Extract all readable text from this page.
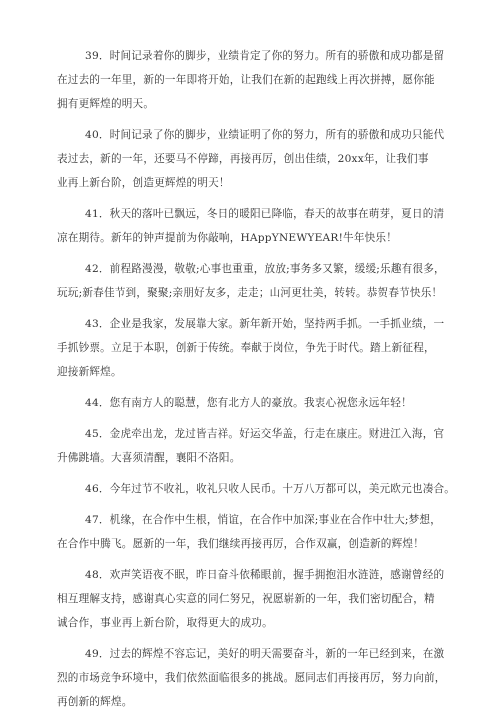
39．时间记录着你的脚步，业绩肯定了你的努力。所有的骄傲和成功都是留
在过去的一年里，新的一年即将开始，让我们在新的起跑线上再次拼搏，愿你能
拥有更辉煌的明天。

40．时间记录了你的脚步，业绩证明了你的努力，所有的骄傲和成功只能代
表过去，新的一年，还要马不停蹄，再接再厉，创出佳绩，20xx年，让我们事
业再上新台阶，创造更辉煌的明天！

41．秋天的落叶已飘远，冬日的暖阳已降临，春天的故事在萌芽，夏日的清
凉在期待。新年的钟声提前为你敲响，HAppYNEWYEAR!牛年快乐！

42．前程路漫漫，敬敬;心事也重重，放放;事务多又繁，缓缓;乐趣有很多，
玩玩;新春佳节到，聚聚;亲朋好友多，走走；山河更壮美，转转。恭贺春节快乐！

43．企业是我家，发展靠大家。新年新开始，坚持两手抓。一手抓业绩，一
手抓钞票。立足于本职，创新于传统。奉献于岗位，争先于时代。踏上新征程，
迎接新辉煌。

44．您有南方人的聪慧，您有北方人的豪放。我衷心祝您永远年轻！

45．金虎牵出龙，龙过皆吉祥。好运交华盖，行走在康庄。财进江入海，官
升佛跳墙。大喜须清醒，襄阳不洛阳。

46．今年过节不收礼，收礼只收人民币。十万八万都可以，美元欧元也凑合。

47．机缘，在合作中生根，悄谊，在合作中加深;事业在合作中壮大;梦想，
在合作中腾飞。愿新的一年，我们继续再接再厉，合作双赢，创造新的辉煌！

48．欢声笑语夜不眠，昨日奋斗依稀眼前，握手拥抱泪水涟涟，感谢曾经的
相互理解支持，感谢真心实意的同仁努兄，祝愿崭新的一年，我们密切配合，精
诚合作，事业再上新台阶，取得更大的成功。

49．过去的辉煌不容忘记，美好的明天需要奋斗，新的一年已经到来，在激
烈的市场竞争环境中，我们依然面临很多的挑战。愿同志们再接再厉，努力向前，
再创新的辉煌。
